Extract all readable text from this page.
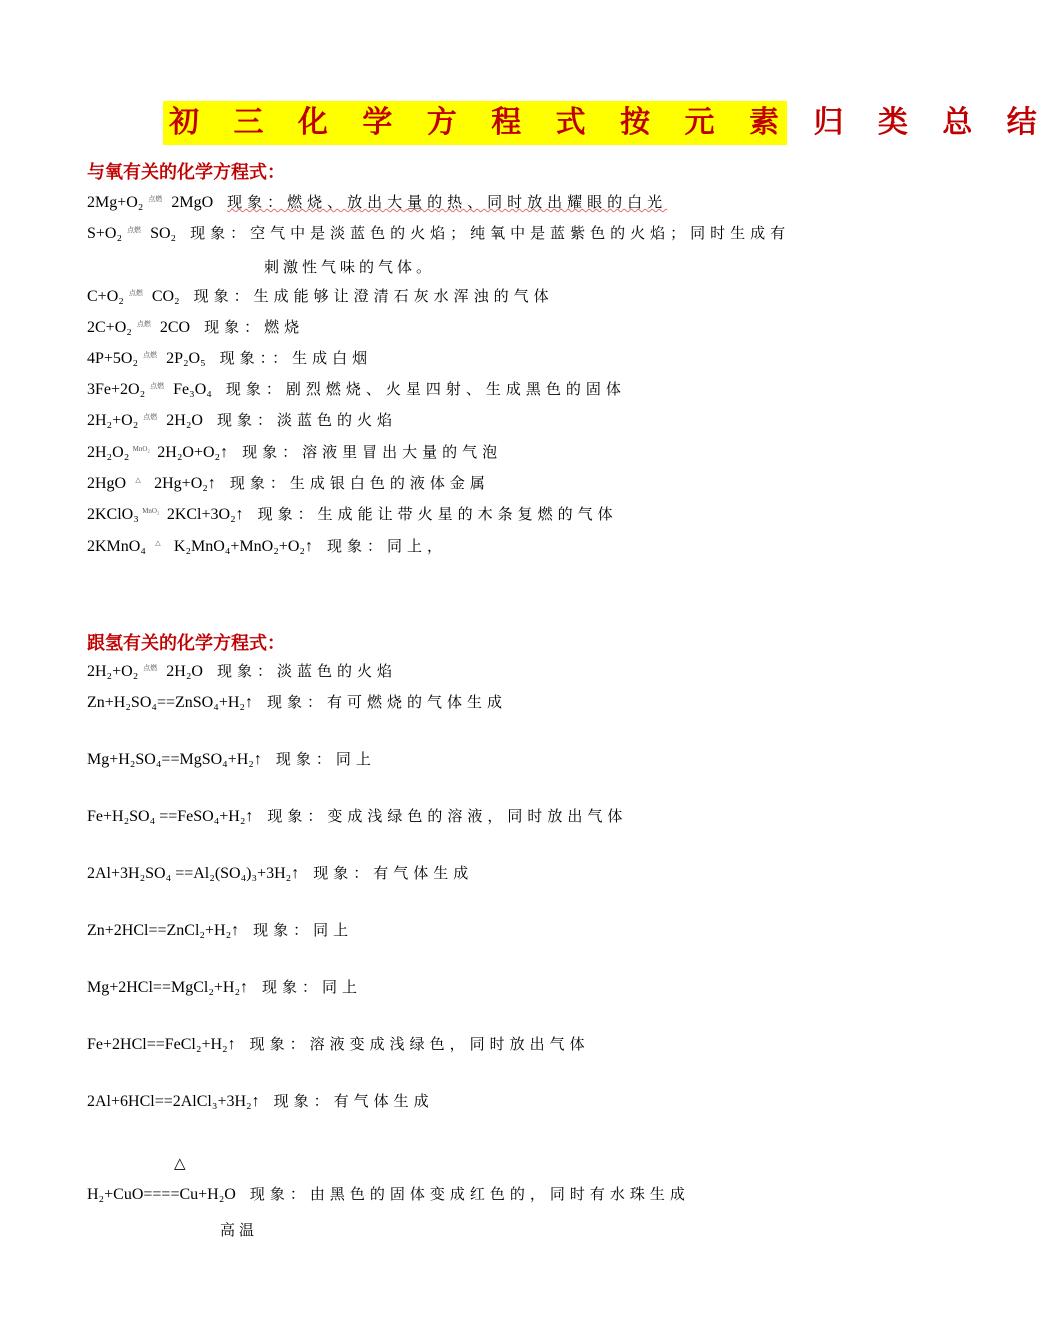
初 三 化 学 方 程 式 按 元 素 归 类 总 结
与氧有关的化学方程式：
2Mg+O₂ 点燃 2MgO 现象：燃烧、放出大量的热、同时放出耀眼的白光
S+O₂ 点燃 SO₂ 现象：空气中是淡蓝色的火焰；纯氧中是蓝紫色的火焰；同时生成有
刺激性气味的气体。
C+O₂ 点燃 CO₂ 现象：生成能够让澄清石灰水浑浊的气体
2C+O₂ 点燃 2CO 现象：燃烧
4P+5O₂ 点燃 2P₂O₅ 现象：：生成白烟
3Fe+2O₂ 点燃 Fe₃O₄ 现象：剧烈燃烧、火星四射、生成黑色的固体
2H₂+O₂ 点燃 2H₂O 现象：淡蓝色的火焰
2H₂O₂ MnO₂ 2H₂O+O₂↑ 现象：溶液里冒出大量的气泡
2HgO △ 2Hg+O₂↑ 现象：生成银白色的液体金属
2KClO₃ MnO₂ 2KCl+3O₂↑ 现象：生成能让带火星的木条复燃的气体
2KMnO₄ △ K₂MnO₄+MnO₂+O₂↑ 现象：同上，
跟氢有关的化学方程式：
2H₂+O₂ 点燃 2H₂O 现象：淡蓝色的火焰
Zn+H₂SO₄==ZnSO₄+H₂↑ 现象：有可燃烧的气体生成
Mg+H₂SO₄==MgSO₄+H₂↑ 现象：同上
Fe+H₂SO₄ ==FeSO₄+H₂↑ 现象：变成浅绿色的溶液，同时放出气体
2Al+3H₂SO₄ ==Al₂(SO₄)₃+3H₂↑ 现象：有气体生成
Zn+2HCl==ZnCl₂+H₂↑ 现象：同上
Mg+2HCl==MgCl₂+H₂↑ 现象：同上
Fe+2HCl==FeCl₂+H₂↑ 现象：溶液变成浅绿色，同时放出气体
2Al+6HCl==2AlCl₃+3H₂↑ 现象：有气体生成
△
H₂+CuO====Cu+H₂O 现象：由黑色的固体变成红色的，同时有水珠生成
高温
